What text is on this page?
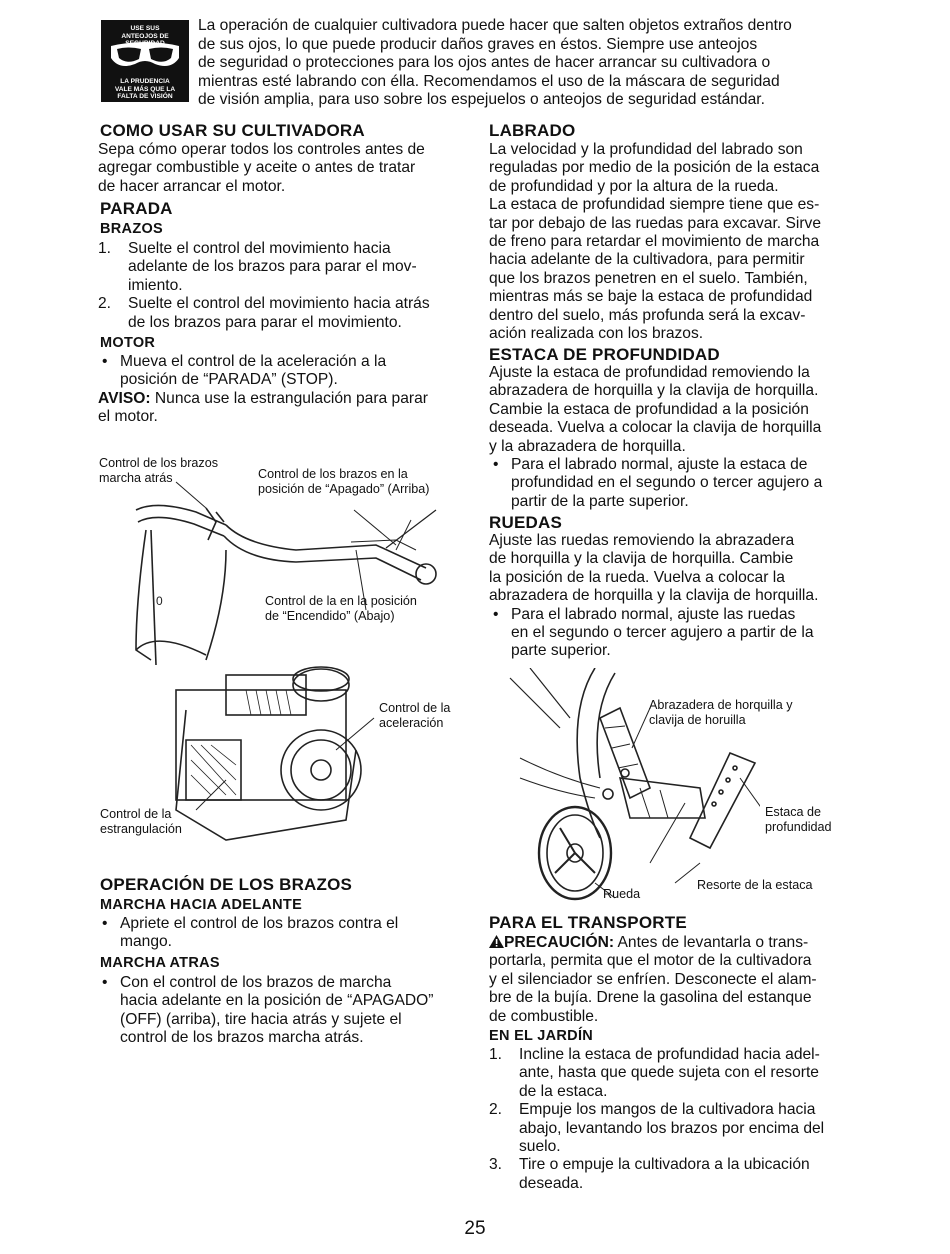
USE SUS
ANTEOJOS DE
LA PRUDENCIA
VALE MÁS QUE LA
FALTA DE VISIÓN
La operación de cualquier cultivadora puede hacer que salten objetos extraños dentro
de sus ojos, lo que puede producir daños graves en éstos. Siempre use anteojos
de seguridad o protecciones para los ojos antes de hacer arrancar su cultivadora o
mientras esté labrando con élla. Recomendamos el uso de la máscara de seguridad
de visión amplia, para uso sobre los espejuelos o anteojos de seguridad estándar.
COMO USAR SU CULTIVADORA
Sepa cómo operar todos los controles antes de
agregar combustible y aceite o antes de tratar
de hacer arrancar el motor.
PARADA
BRAZOS
1. Suelte el control del movimiento hacia
adelante de los brazos para parar el mov-
imiento.
2. Suelte el control del movimiento hacia atrás
de los brazos para parar el movimiento.
MOTOR
• Mueva el control de la aceleración a la
posición de “PARADA” (STOP).
AVISO: Nunca use la estrangulación para parar
el motor.
0
Control de los brazos
marcha atrás	Control de los brazos en la
posición de “Apagado” (Arriba)
Control de la en la posición
de “Encendido” (Abajo)
Control de la
aceleración
Control de la
estrangulación
OPERACIÓN DE LOS BRAZOS
MARCHA HACIA ADELANTE
• Apriete el control de los brazos contra el
mango.
MARCHA ATRAS
• Con el control de los brazos de marcha
hacia adelante en la posición de “APAGADO”
(OFF) (arriba), tire hacia atrás y sujete el
control de los brazos marcha atrás.
LABRADO
La velocidad y la profundidad del labrado son
reguladas por medio de la posición de la estaca
de profundidad y por la altura de la rueda.
La estaca de profundidad siempre tiene que es-
tar por debajo de las ruedas para excavar. Sirve
de freno para retardar el movimiento de marcha
hacia adelante de la cultivadora, para permitir
que los brazos penetren en el suelo. También,
mientras más se baje la estaca de profundidad
dentro del suelo, más profunda será la excav-
ación realizada con los brazos.
ESTACA DE PROFUNDIDAD
Ajuste la estaca de profundidad removiendo la
abrazadera de horquilla y la clavija de horquilla.
Cambie la estaca de profundidad a la posición
deseada. Vuelva a colocar la clavija de horquilla
y la abrazadera de horquilla.
• Para el labrado normal, ajuste la estaca de
profundidad en el segundo o tercer agujero a
partir de la parte superior.
RUEDAS
Ajuste las ruedas removiendo la abrazadera
de horquilla y la clavija de horquilla. Cambie
la posición de la rueda. Vuelva a colocar la
abrazadera de horquilla y la clavija de horquilla.
• Para el labrado normal, ajuste las ruedas
en el segundo o tercer agujero a partir de la
parte superior.
Abrazadera de horquilla y
clavija de horuilla
Estaca de
profundidad
Rueda
Resorte de la estaca
PARA EL TRANSPORTE
PRECAUCIÓN: Antes de levantarla o trans-
portarla, permita que el motor de la cultivadora
y el silenciador se enfríen. Desconecte el alam-
bre de la bujía. Drene la gasolina del estanque
de combustible.
EN EL JARDÍN
1. Incline la estaca de profundidad hacia adel-
ante, hasta que quede sujeta con el resorte
de la estaca.
2. Empuje los mangos de la cultivadora hacia
abajo, levantando los brazos por encima del
suelo.
3. Tire o empuje la cultivadora a la ubicación
deseada.
25
